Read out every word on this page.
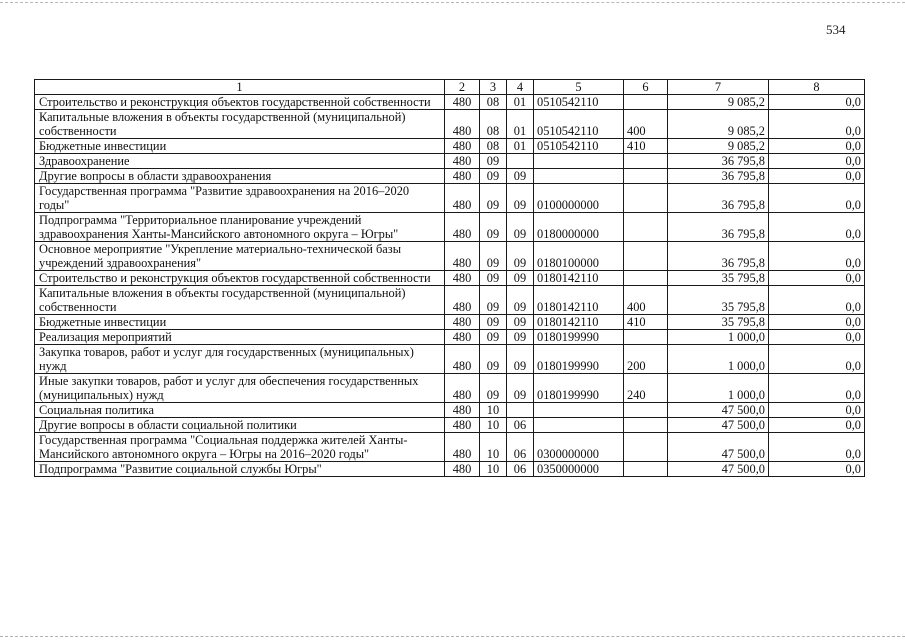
534
1	2	3	4	5	6	7	8
Строительство и реконструкция объектов государственной собственности	480	08	01	0510542110		9 085,2	0,0
Капитальные вложения в объекты государственной (муниципальной) собственности	480	08	01	0510542110	400	9 085,2	0,0
Бюджетные инвестиции	480	08	01	0510542110	410	9 085,2	0,0
Здравоохранение	480	09				36 795,8	0,0
Другие вопросы в области здравоохранения	480	09	09			36 795,8	0,0
Государственная программа "Развитие здравоохранения на 2016–2020 годы"	480	09	09	0100000000		36 795,8	0,0
Подпрограмма "Территориальное планирование учреждений здравоохранения Ханты-Мансийского автономного округа – Югры"	480	09	09	0180000000		36 795,8	0,0
Основное мероприятие "Укрепление материально-технической базы учреждений здравоохранения"	480	09	09	0180100000		36 795,8	0,0
Строительство и реконструкция объектов государственной собственности	480	09	09	0180142110		35 795,8	0,0
Капитальные вложения в объекты государственной (муниципальной) собственности	480	09	09	0180142110	400	35 795,8	0,0
Бюджетные инвестиции	480	09	09	0180142110	410	35 795,8	0,0
Реализация мероприятий	480	09	09	0180199990		1 000,0	0,0
Закупка товаров, работ и услуг для государственных (муниципальных) нужд	480	09	09	0180199990	200	1 000,0	0,0
Иные закупки товаров, работ и услуг для обеспечения государственных (муниципальных) нужд	480	09	09	0180199990	240	1 000,0	0,0
Социальная политика	480	10				47 500,0	0,0
Другие вопросы в области социальной политики	480	10	06			47 500,0	0,0
Государственная программа "Социальная поддержка жителей Ханты-Мансийского автономного округа – Югры на 2016–2020 годы"	480	10	06	0300000000		47 500,0	0,0
Подпрограмма "Развитие социальной службы Югры"	480	10	06	0350000000		47 500,0	0,0
